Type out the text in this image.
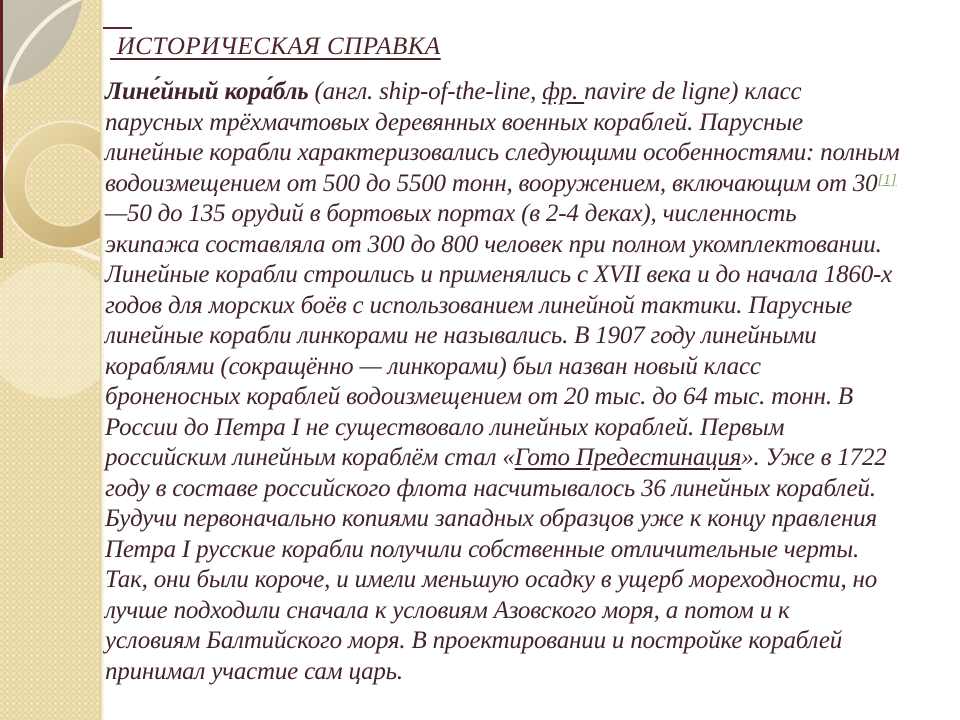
ИСТОРИЧЕСКАЯ СПРАВКА
Лине́йный кора́бль (англ. ship-of-the-line, фр. navire de ligne) класс
парусных трёхмачтовых деревянных военных кораблей. Парусные
линейные корабли характеризовались следующими особенностями: полным
водоизмещением от 500 до 5500 тонн, вооружением, включающим от 30[1]
—50 до 135 орудий в бортовых портах (в 2-4 деках), численность
экипажа составляла от 300 до 800 человек при полном укомплектовании.
Линейные корабли строились и применялись с XVII века и до начала 1860-х
годов для морских боёв с использованием линейной тактики. Парусные
линейные корабли линкорами не назывались. В 1907 году линейными
кораблями (сокращённо — линкорами) был назван новый класс
броненосных кораблей водоизмещением от 20 тыс. до 64 тыс. тонн. В
России до Петра I не существовало линейных кораблей. Первым
российским линейным кораблём стал «Гото Предестинация». Уже в 1722
году в составе российского флота насчитывалось 36 линейных кораблей.
Будучи первоначально копиями западных образцов уже к концу правления
Петра I русские корабли получили собственные отличительные черты.
Так, они были короче, и имели меньшую осадку в ущерб мореходности, но
лучше подходили сначала к условиям Азовского моря, а потом и к
условиям Балтийского моря. В проектировании и постройке кораблей
принимал участие сам царь.
